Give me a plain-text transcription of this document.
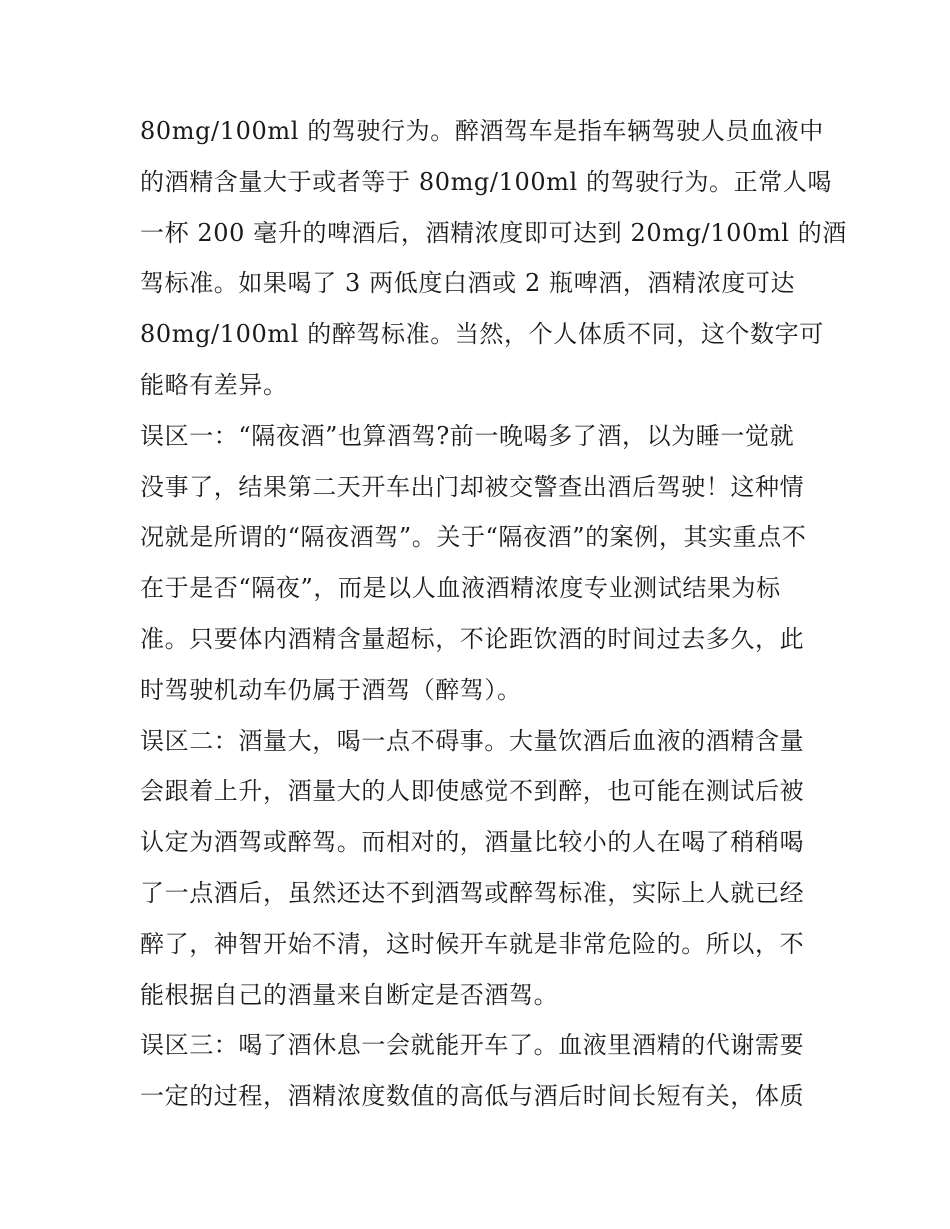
80mg/100ml 的驾驶行为。醉酒驾车是指车辆驾驶人员血液中
的酒精含量大于或者等于 80mg/100ml 的驾驶行为。正常人喝
一杯 200 毫升的啤酒后，酒精浓度即可达到 20mg/100ml 的酒
驾标准。如果喝了 3 两低度白酒或 2 瓶啤酒，酒精浓度可达
80mg/100ml 的醉驾标准。当然，个人体质不同，这个数字可
能略有差异。

误区一：“隔夜酒”也算酒驾?前一晚喝多了酒，以为睡一觉就
没事了，结果第二天开车出门却被交警查出酒后驾驶！这种情
况就是所谓的“隔夜酒驾”。关于“隔夜酒”的案例，其实重点不
在于是否“隔夜”，而是以人血液酒精浓度专业测试结果为标
准。只要体内酒精含量超标，不论距饮酒的时间过去多久，此
时驾驶机动车仍属于酒驾（醉驾）。

误区二：酒量大，喝一点不碍事。大量饮酒后血液的酒精含量
会跟着上升，酒量大的人即使感觉不到醉，也可能在测试后被
认定为酒驾或醉驾。而相对的，酒量比较小的人在喝了稍稍喝
了一点酒后，虽然还达不到酒驾或醉驾标准，实际上人就已经
醉了，神智开始不清，这时候开车就是非常危险的。所以，不
能根据自己的酒量来自断定是否酒驾。

误区三：喝了酒休息一会就能开车了。血液里酒精的代谢需要
一定的过程，酒精浓度数值的高低与酒后时间长短有关，体质
